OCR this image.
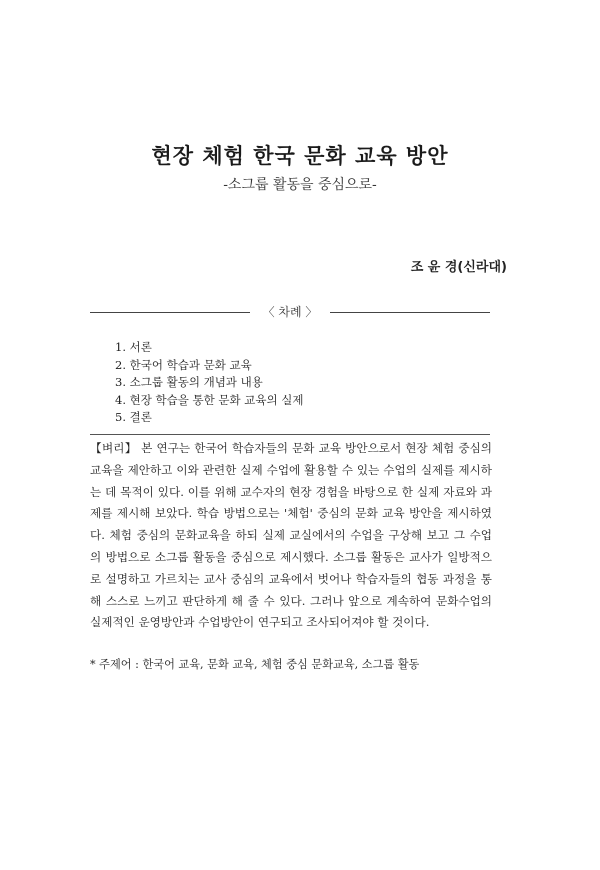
현장 체험 한국 문화 교육 방안
-소그룹 활동을 중심으로-
조 윤 경(신라대)
〈 차례 〉
1. 서론
2. 한국어 학습과 문화 교육
3. 소그룹 활동의 개념과 내용
4. 현장 학습을 통한 문화 교육의 실제
5. 결론

【벼리】 본 연구는 한국어 학습자들의 문화 교육 방안으로서 현장 체험 중심의 교육을 제안하고 이와 관련한 실제 수업에 활용할 수 있는 수업의 실제를 제시하는 데 목적이 있다. 이를 위해 교수자의 현장 경험을 바탕으로 한 실제 자료와 과제를 제시해 보았다. 학습 방법으로는 '체험' 중심의 문화 교육 방안을 제시하였다. 체험 중심의 문화교육을 하되 실제 교실에서의 수업을 구상해 보고 그 수업의 방법으로 소그룹 활동을 중심으로 제시했다. 소그룹 활동은 교사가 일방적으로 설명하고 가르치는 교사 중심의 교육에서 벗어나 학습자들의 협동 과정을 통해 스스로 느끼고 판단하게 해 줄 수 있다. 그러나 앞으로 계속하여 문화수업의 실제적인 운영방안과 수업방안이 연구되고 조사되어져야 할 것이다.

* 주제어 : 한국어 교육, 문화 교육, 체험 중심 문화교육, 소그룹 활동
